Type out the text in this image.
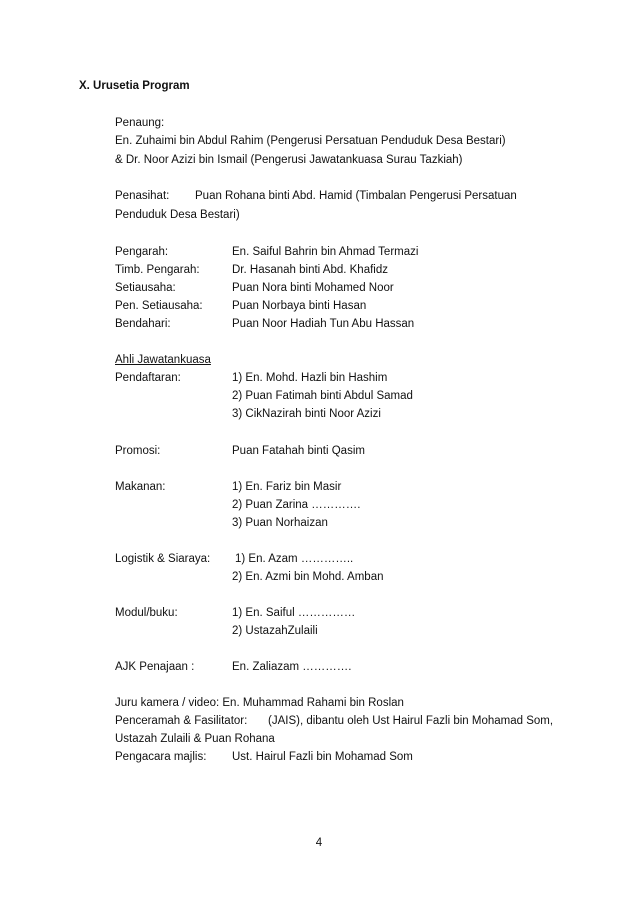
X. Urusetia Program
Penaung:
En. Zuhaimi bin Abdul Rahim (Pengerusi Persatuan Penduduk Desa Bestari)
& Dr. Noor Azizi bin Ismail (Pengerusi Jawatankuasa Surau Tazkiah)
Penasihat: Puan Rohana binti Abd. Hamid (Timbalan Pengerusi Persatuan
Penduduk Desa Bestari)
Pengarah:	En. Saiful Bahrin bin Ahmad Termazi
Timb. Pengarah:	Dr. Hasanah binti Abd. Khafidz
Setiausaha:	Puan Nora binti Mohamed Noor
Pen. Setiausaha:	Puan Norbaya binti Hasan
Bendahari:	Puan Noor Hadiah Tun Abu Hassan
Ahli Jawatankuasa
Pendaftaran:	1) En. Mohd. Hazli bin Hashim
2) Puan Fatimah binti Abdul Samad
3) CikNazirah binti Noor Azizi
Promosi:	Puan Fatahah binti Qasim
Makanan:	1) En. Fariz bin Masir
2) Puan Zarina ………….
3) Puan Norhaizan
Logistik & Siaraya: 1) En. Azam …………..
2) En. Azmi bin Mohd. Amban
Modul/buku:	1) En. Saiful ……………
2) UstazahZulaili
AJK Penajaan :	En. Zaliazam ………….
Juru kamera / video: En. Muhammad Rahami bin Roslan
Penceramah & Fasilitator: (JAIS), dibantu oleh Ust Hairul Fazli bin Mohamad Som,
Ustazah Zulaili & Puan Rohana
Pengacara majlis: Ust. Hairul Fazli bin Mohamad Som
4
